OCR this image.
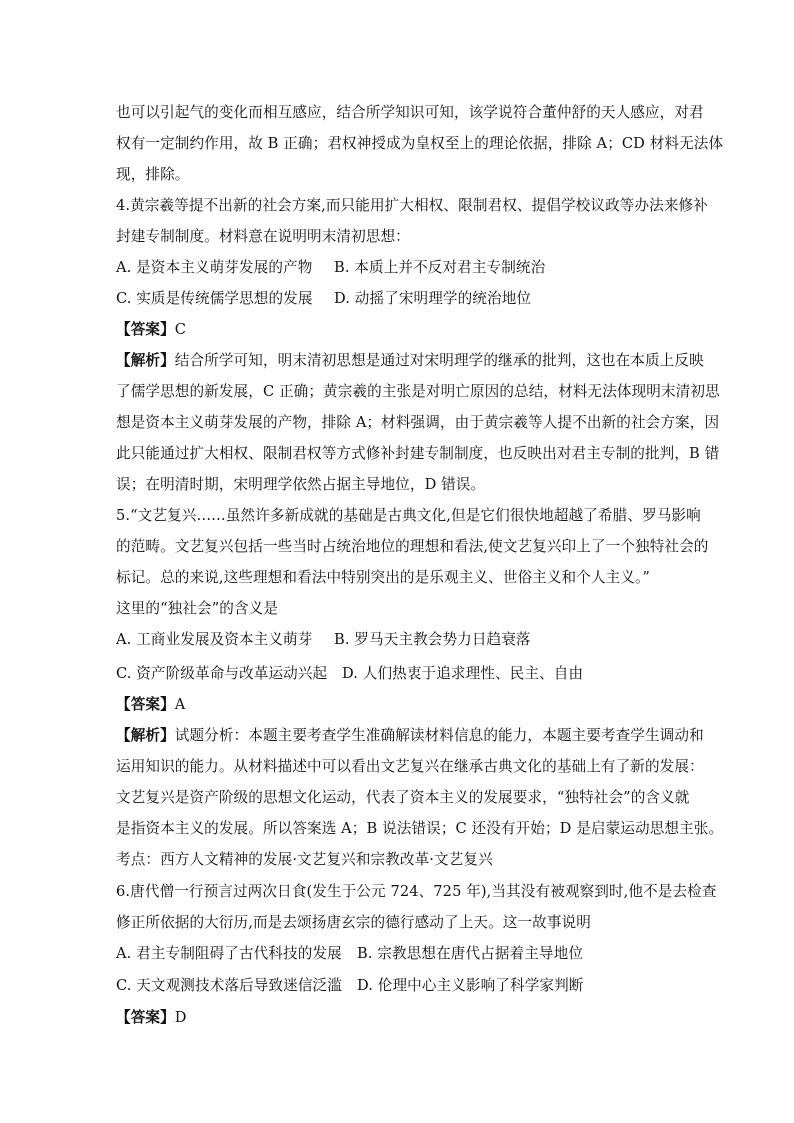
也可以引起气的变化而相互感应，结合所学知识可知，该学说符合董仲舒的天人感应，对君
权有一定制约作用，故 B 正确；君权神授成为皇权至上的理论依据，排除 A；CD 材料无法体
现，排除。
4.黄宗羲等提不出新的社会方案,而只能用扩大相权、限制君权、提倡学校议政等办法来修补
封建专制制度。材料意在说明明末清初思想：
A. 是资本主义萌芽发展的产物 B. 本质上并不反对君主专制统治
C. 实质是传统儒学思想的发展 D. 动摇了宋明理学的统治地位
【答案】C
【解析】结合所学可知，明末清初思想是通过对宋明理学的继承的批判，这也在本质上反映
了儒学思想的新发展，C 正确；黄宗羲的主张是对明亡原因的总结，材料无法体现明末清初思
想是资本主义萌芽发展的产物，排除 A；材料强调，由于黄宗羲等人提不出新的社会方案，因
此只能通过扩大相权、限制君权等方式修补封建专制制度，也反映出对君主专制的批判，B 错
误；在明清时期，宋明理学依然占据主导地位，D 错误。
5.“文艺复兴……虽然许多新成就的基础是古典文化,但是它们很快地超越了希腊、罗马影响
的范畴。文艺复兴包括一些当时占统治地位的理想和看法,使文艺复兴印上了一个独特社会的
标记。总的来说,这些理想和看法中特别突出的是乐观主义、世俗主义和个人主义。”
这里的“独社会”的含义是
A. 工商业发展及资本主义萌芽 B. 罗马天主教会势力日趋衰落
C. 资产阶级革命与改革运动兴起 D. 人们热衷于追求理性、民主、自由
【答案】A
【解析】试题分析：本题主要考查学生准确解读材料信息的能力，本题主要考查学生调动和
运用知识的能力。从材料描述中可以看出文艺复兴在继承古典文化的基础上有了新的发展：
文艺复兴是资产阶级的思想文化运动，代表了资本主义的发展要求，“独特社会”的含义就
是指资本主义的发展。所以答案选 A；B 说法错误；C 还没有开始；D 是启蒙运动思想主张。
考点：西方人文精神的发展·文艺复兴和宗教改革·文艺复兴
6.唐代僧一行预言过两次日食(发生于公元 724、725 年),当其没有被观察到时,他不是去检查
修正所依据的大衍历,而是去颂扬唐玄宗的德行感动了上天。这一故事说明
A. 君主专制阻碍了古代科技的发展 B. 宗教思想在唐代占据着主导地位
C. 天文观测技术落后导致迷信泛滥 D. 伦理中心主义影响了科学家判断
【答案】D
